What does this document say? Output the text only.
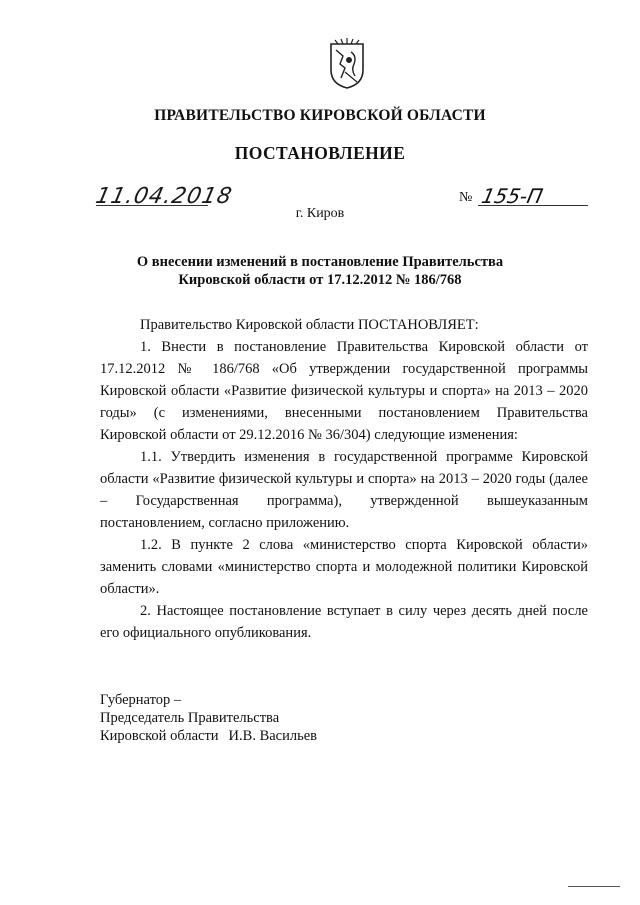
ПРАВИТЕЛЬСТВО КИРОВСКОЙ ОБЛАСТИ
ПОСТАНОВЛЕНИЕ
11.04.2018	№ 155-П
г. Киров
О внесении изменений в постановление Правительства
Кировской области от 17.12.2012 № 186/768

Правительство Кировской области ПОСТАНОВЛЯЕТ:

1. Внести в постановление Правительства Кировской области от 17.12.2012 № 186/768 «Об утверждении государственной программы Кировской области «Развитие физической культуры и спорта» на 2013 – 2020 годы» (с изменениями, внесенными постановлением Правительства Кировской области от 29.12.2016 № 36/304) следующие изменения:

1.1. Утвердить изменения в государственной программе Кировской области «Развитие физической культуры и спорта» на 2013 – 2020 годы (далее – Государственная программа), утвержденной вышеуказанным постановлением, согласно приложению.

1.2. В пункте 2 слова «министерство спорта Кировской области» заменить словами «министерство спорта и молодежной политики Кировской области».

2. Настоящее постановление вступает в силу через десять дней после его официального опубликования.

Губернатор –
Председатель Правительства
Кировской области И.В. Васильев
